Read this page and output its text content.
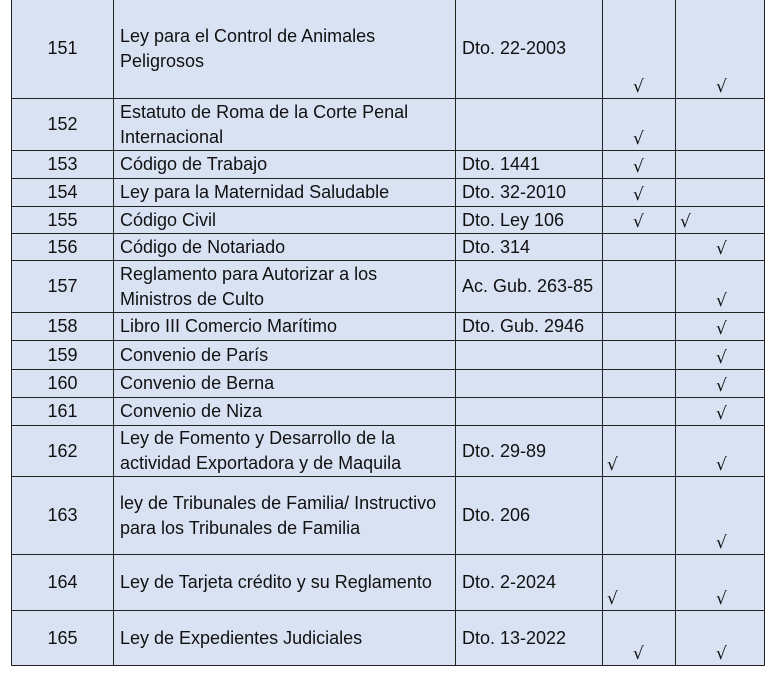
151	Ley para el Control de Animales Peligrosos	Dto. 22-2003	√	√

152	Estatuto de Roma de la Corte Penal Internacional		√	

153	Código de Trabajo	Dto. 1441	√	

154	Ley para la Maternidad Saludable	Dto. 32-2010	√	

155	Código Civil	Dto. Ley 106	√	√

156	Código de Notariado	Dto. 314		√

157	Reglamento para Autorizar a los Ministros de Culto	Ac. Gub. 263-85		√

158	Libro III Comercio Marítimo	Dto. Gub. 2946		√

159	Convenio de París			√

160	Convenio de Berna			√

161	Convenio de Niza			√

162	Ley de Fomento y Desarrollo de la actividad Exportadora y de Maquila	Dto. 29-89	√	√

163	ley de Tribunales de Familia/ Instructivo para los Tribunales de Familia	Dto. 206		√

164	Ley de Tarjeta crédito y su Reglamento	Dto. 2-2024	√	√

165	Ley de Expedientes Judiciales	Dto. 13-2022	√	√
